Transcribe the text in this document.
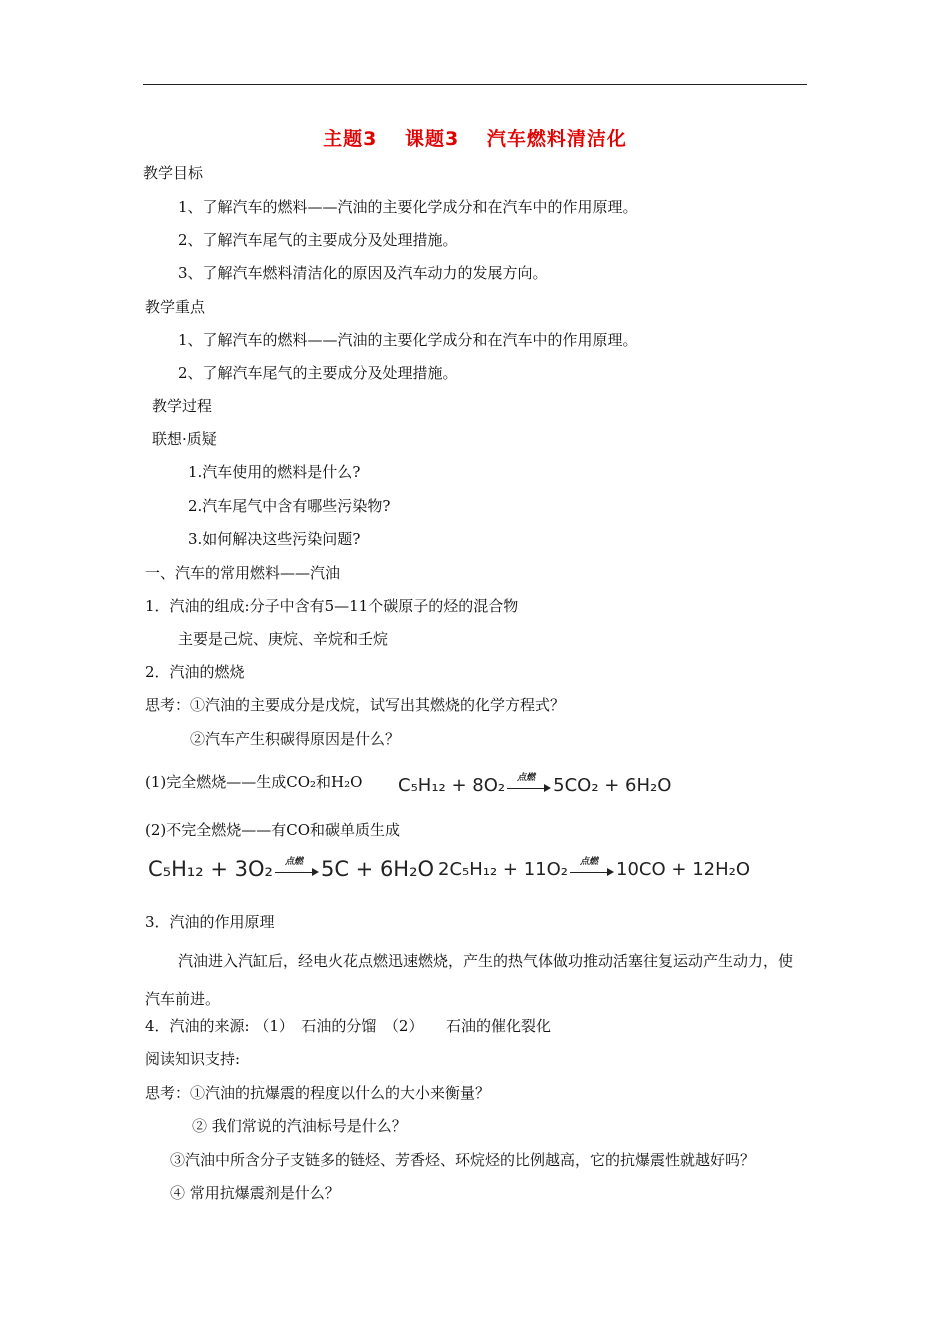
主题3 课题3 汽车燃料清洁化
教学目标
1、了解汽车的燃料——汽油的主要化学成分和在汽车中的作用原理。
2、了解汽车尾气的主要成分及处理措施。
3、了解汽车燃料清洁化的原因及汽车动力的发展方向。
教学重点
1、了解汽车的燃料——汽油的主要化学成分和在汽车中的作用原理。
2、了解汽车尾气的主要成分及处理措施。
教学过程
联想·质疑
1.汽车使用的燃料是什么?
2.汽车尾气中含有哪些污染物?
3.如何解决这些污染问题?
一、汽车的常用燃料——汽油
1．汽油的组成:分子中含有5—11个碳原子的烃的混合物
主要是己烷、庚烷、辛烷和壬烷
2．汽油的燃烧
思考：①汽油的主要成分是戊烷，试写出其燃烧的化学方程式？
②汽车产生积碳得原因是什么？
(1)完全燃烧——生成CO₂和H₂O C₅H₁₂ + 8O₂	点燃	5CO₂ + 6H₂O
(2)不完全燃烧——有CO和碳单质生成
C₅H₁₂ + 3O₂	点燃 5C + 6H₂O 2C₅H₁₂ + 11O₂	点燃	10CO + 12H₂O
3．汽油的作用原理
汽油进入汽缸后，经电火花点燃迅速燃烧，产生的热气体做功推动活塞往复运动产生动力，使汽车前进。
4．汽油的来源: （1）　石油的分馏　（2）　　石油的催化裂化
阅读知识支持:
思考：①汽油的抗爆震的程度以什么的大小来衡量？
② 我们常说的汽油标号是什么？
③汽油中所含分子支链多的链烃、芳香烃、环烷烃的比例越高，它的抗爆震性就越好吗？
④ 常用抗爆震剂是什么？
